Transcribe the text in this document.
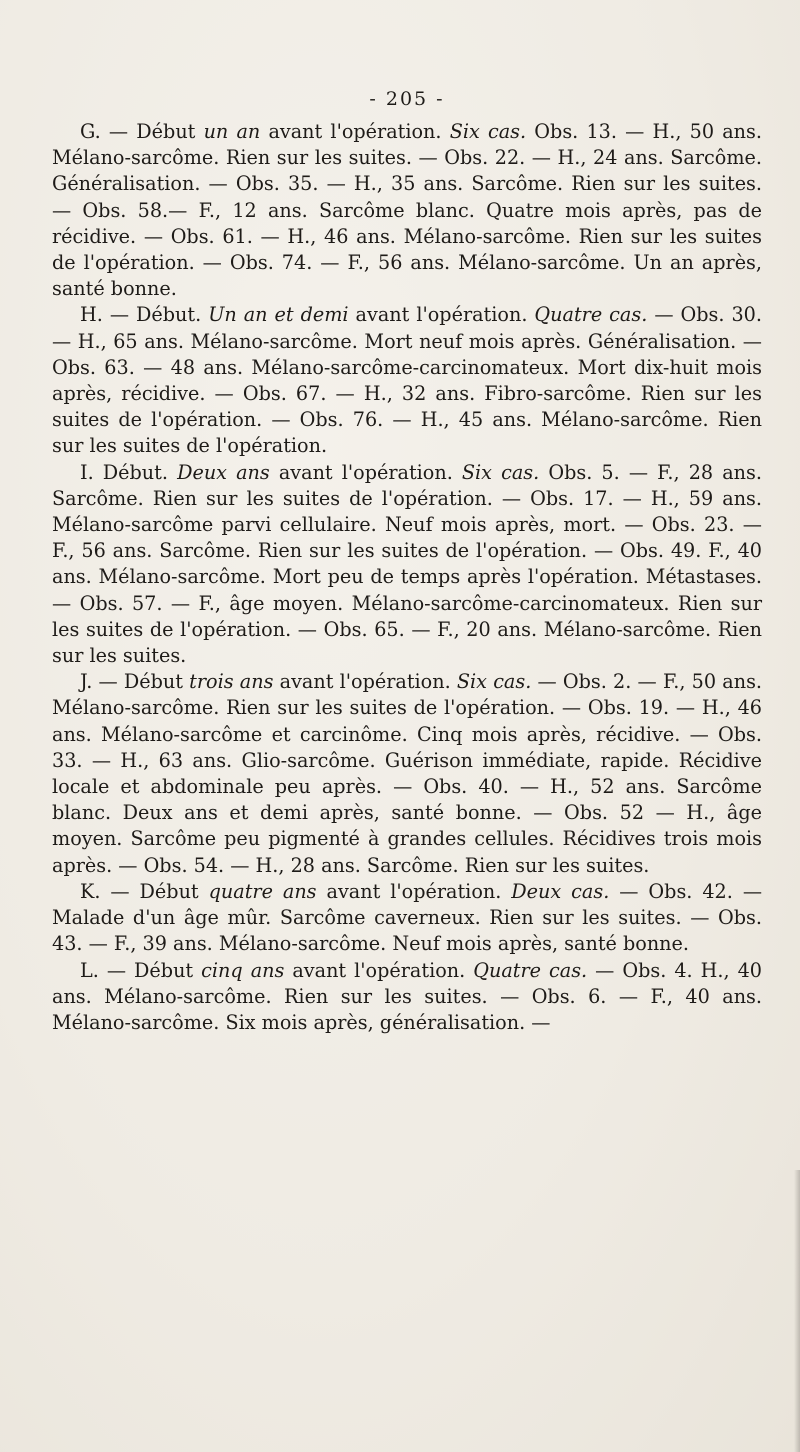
- 205 -

G. — Début un an avant l'opération. Six cas. Obs. 13. — H., 50 ans. Mélano-sarcôme. Rien sur les suites. — Obs. 22. — H., 24 ans. Sarcôme. Généralisation. — Obs. 35. — H., 35 ans. Sarcôme. Rien sur les suites. — Obs. 58.— F., 12 ans. Sarcôme blanc. Quatre mois après, pas de récidive. — Obs. 61. — H., 46 ans. Mélano-sarcôme. Rien sur les suites de l'opération. — Obs. 74. — F., 56 ans. Mélano-sarcôme. Un an après, santé bonne.

H. — Début. Un an et demi avant l'opération. Quatre cas. — Obs. 30. — H., 65 ans. Mélano-sarcôme. Mort neuf mois après. Généralisation. — Obs. 63. — 48 ans. Mélano-sarcôme-carcinomateux. Mort dix-huit mois après, récidive. — Obs. 67. — H., 32 ans. Fibro-sarcôme. Rien sur les suites de l'opération. — Obs. 76. — H., 45 ans. Mélano-sarcôme. Rien sur les suites de l'opération.

I. Début. Deux ans avant l'opération. Six cas. Obs. 5. — F., 28 ans. Sarcôme. Rien sur les suites de l'opération. — Obs. 17. — H., 59 ans. Mélano-sarcôme parvi cellulaire. Neuf mois après, mort. — Obs. 23. — F., 56 ans. Sarcôme. Rien sur les suites de l'opération. — Obs. 49. F., 40 ans. Mélano-sarcôme. Mort peu de temps après l'opération. Métastases. — Obs. 57. — F., âge moyen. Mélano-sarcôme-carcinomateux. Rien sur les suites de l'opération. — Obs. 65. — F., 20 ans. Mélano-sarcôme. Rien sur les suites.

J. — Début trois ans avant l'opération. Six cas. — Obs. 2. — F., 50 ans. Mélano-sarcôme. Rien sur les suites de l'opération. — Obs. 19. — H., 46 ans. Mélano-sarcôme et carcinôme. Cinq mois après, récidive. — Obs. 33. — H., 63 ans. Glio-sarcôme. Guérison immédiate, rapide. Récidive locale et abdominale peu après. — Obs. 40. — H., 52 ans. Sarcôme blanc. Deux ans et demi après, santé bonne. — Obs. 52 — H., âge moyen. Sarcôme peu pigmenté à grandes cellules. Récidives trois mois après. — Obs. 54. — H., 28 ans. Sarcôme. Rien sur les suites.

K. — Début quatre ans avant l'opération. Deux cas. — Obs. 42. — Malade d'un âge mûr. Sarcôme caverneux. Rien sur les suites. — Obs. 43. — F., 39 ans. Mélano-sarcôme. Neuf mois après, santé bonne.

L. — Début cinq ans avant l'opération. Quatre cas. — Obs. 4. H., 40 ans. Mélano-sarcôme. Rien sur les suites. — Obs. 6. — F., 40 ans. Mélano-sarcôme. Six mois après, généralisation. —
